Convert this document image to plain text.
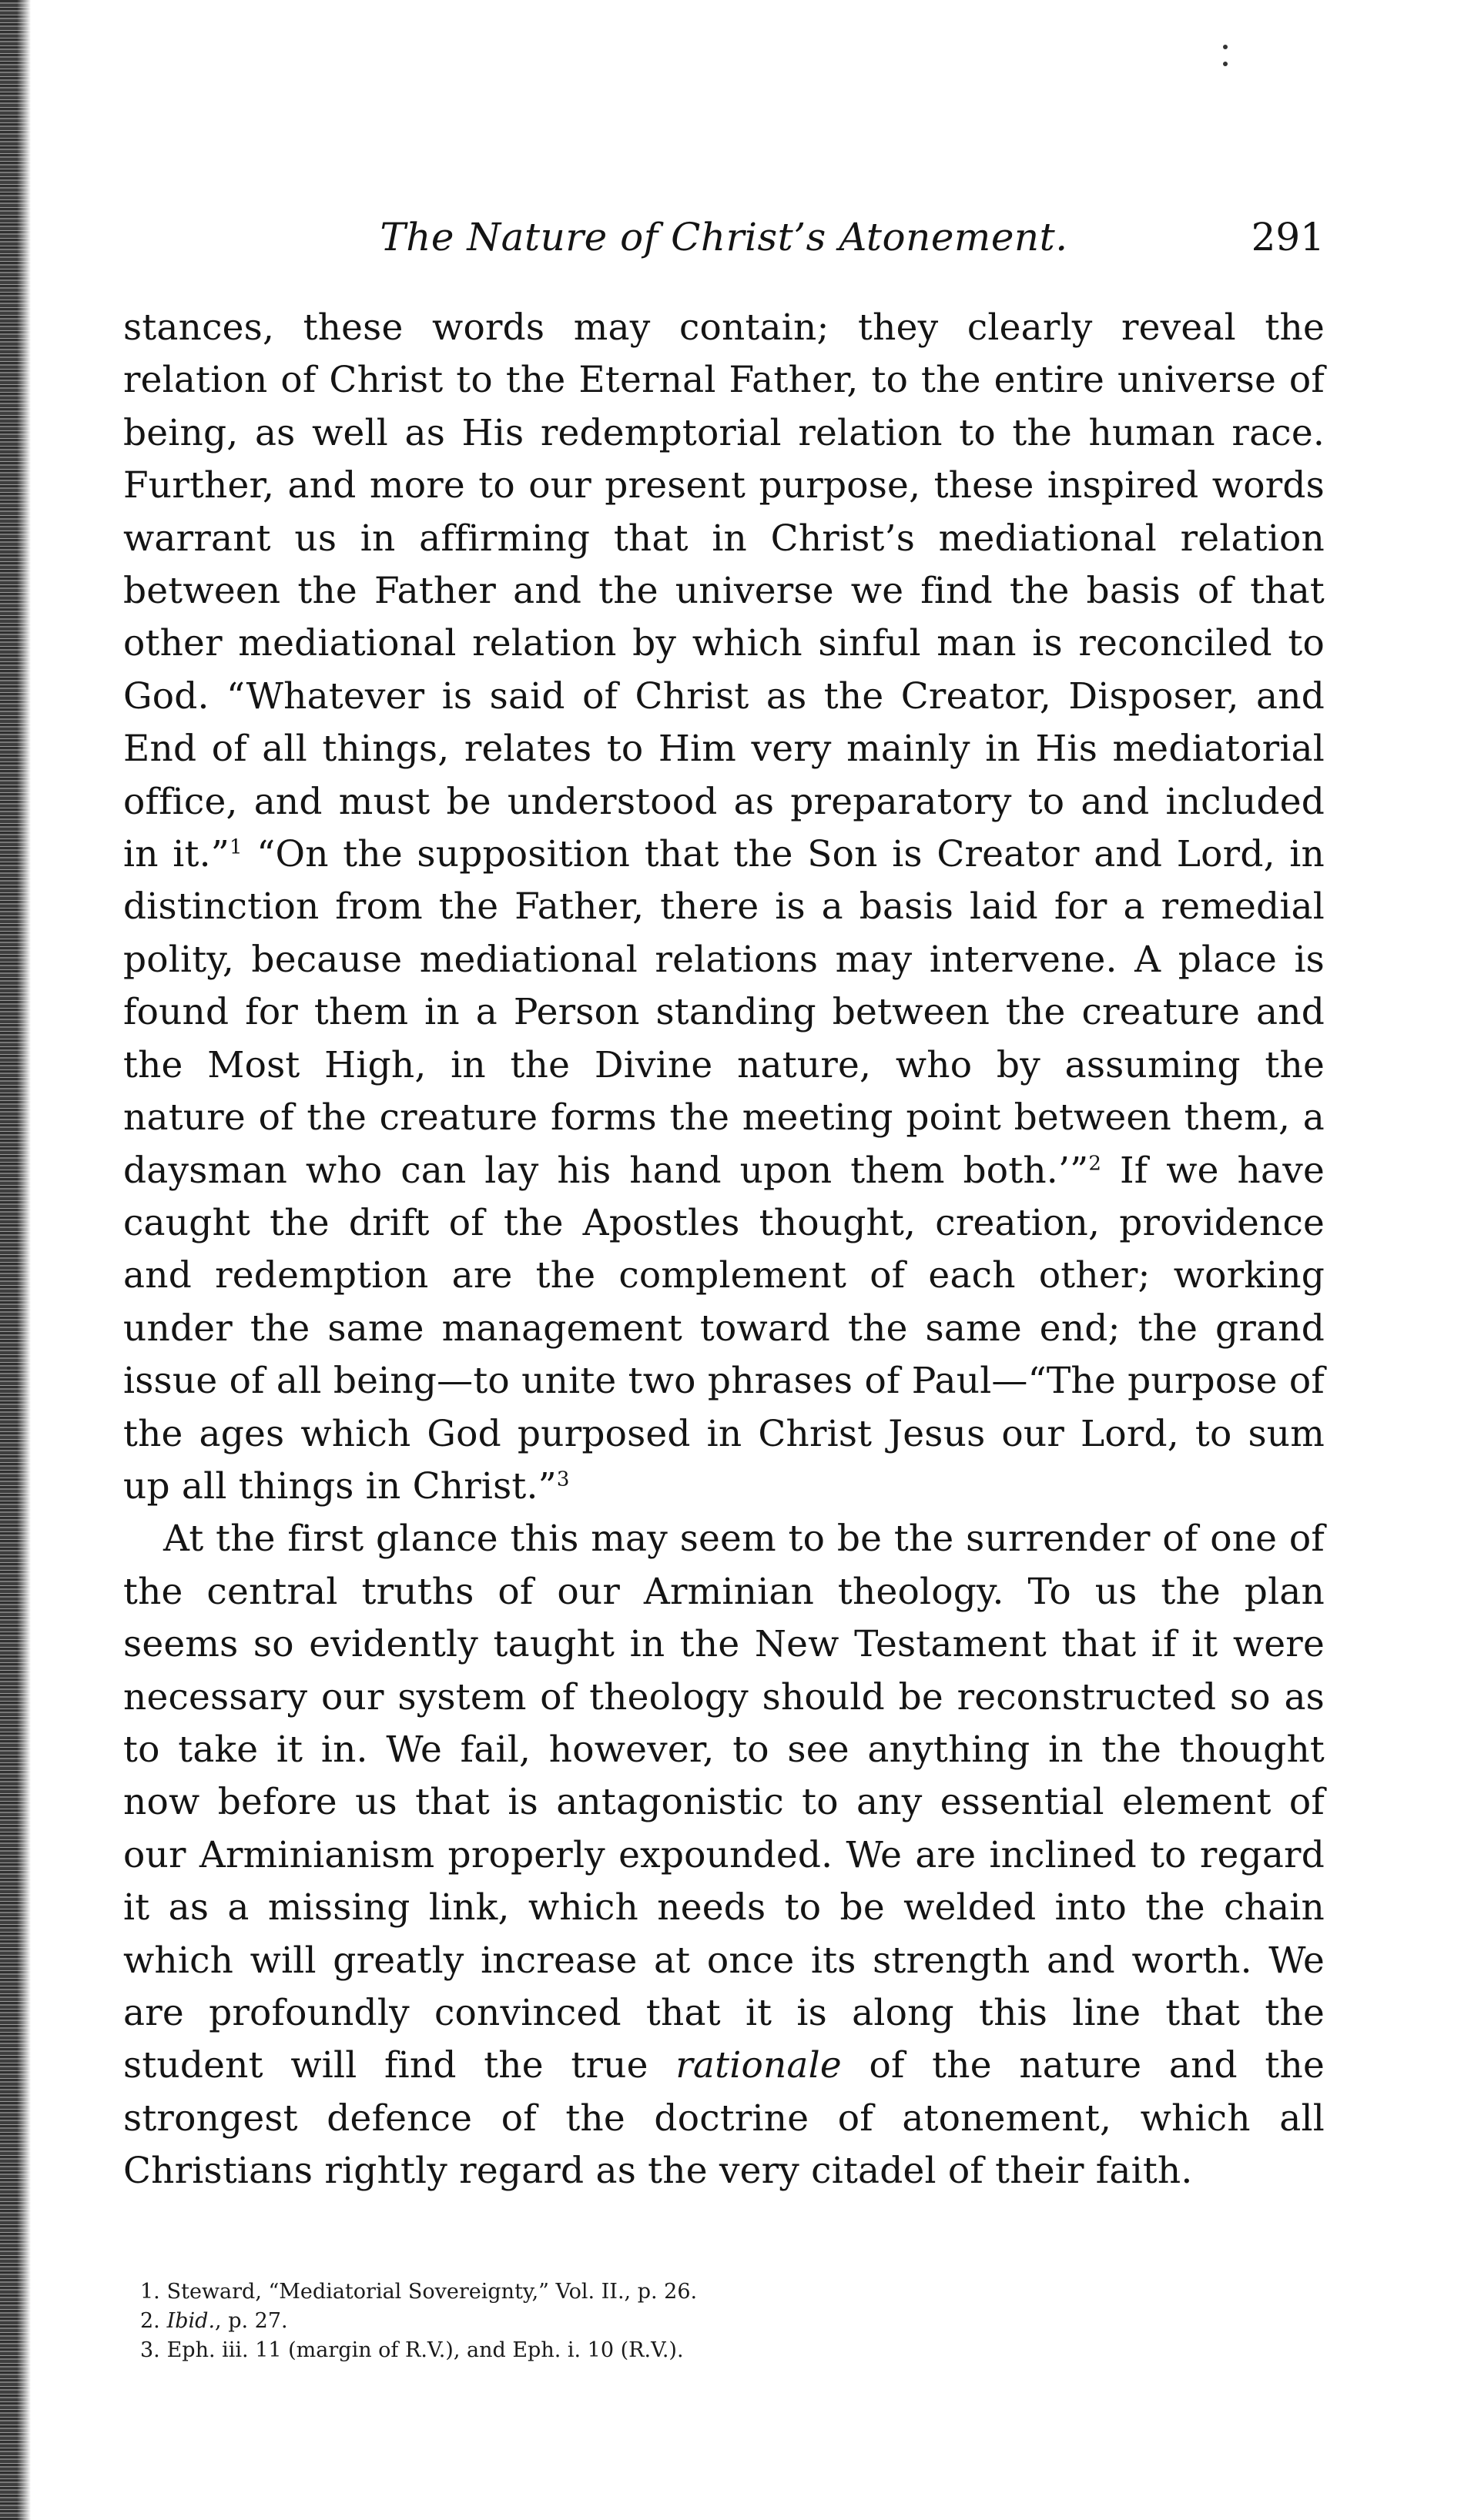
The Nature of Christ’s Atonement.	291

stances, these words may contain; they clearly reveal the relation of Christ to the Eternal Father, to the entire universe of being, as well as His redemptorial relation to the human race. Further, and more to our present purpose, these inspired words warrant us in affirming that in Christ’s mediational relation between the Father and the universe we find the basis of that other mediational relation by which sinful man is reconciled to God. “Whatever is said of Christ as the Creator, Disposer, and End of all things, relates to Him very mainly in His mediatorial office, and must be understood as preparatory to and included in it.”$^1$ “On the supposition that the Son is Creator and Lord, in distinction from the Father, there is a basis laid for a remedial polity, because mediational relations may intervene. A place is found for them in a Person standing between the creature and the Most High, in the Divine nature, who by assuming the nature of the creature forms the meeting point between them, a daysman who can lay his hand upon them both.’”$^2$ If we have caught the drift of the Apostles thought, creation, providence and redemption are the complement of each other; working under the same management toward the same end; the grand issue of all being—to unite two phrases of Paul—“The purpose of the ages which God purposed in Christ Jesus our Lord, to sum up all things in Christ.”$^3$

At the first glance this may seem to be the surrender of one of the central truths of our Arminian theology. To us the plan seems so evidently taught in the New Testament that if it were necessary our system of theology should be reconstructed so as to take it in. We fail, however, to see anything in the thought now before us that is antagonistic to any essential element of our Arminianism properly expounded. We are inclined to regard it as a missing link, which needs to be welded into the chain which will greatly increase at once its strength and worth. We are profoundly convinced that it is along this line that the student will find the true rationale of the nature and the strongest defence of the doctrine of atonement, which all Christians rightly regard as the very citadel of their faith.

1. Steward, “Mediatorial Sovereignty,” Vol. II., p. 26.
2. Ibid., p. 27.
3. Eph. iii. 11 (margin of R.V.), and Eph. i. 10 (R.V.).
